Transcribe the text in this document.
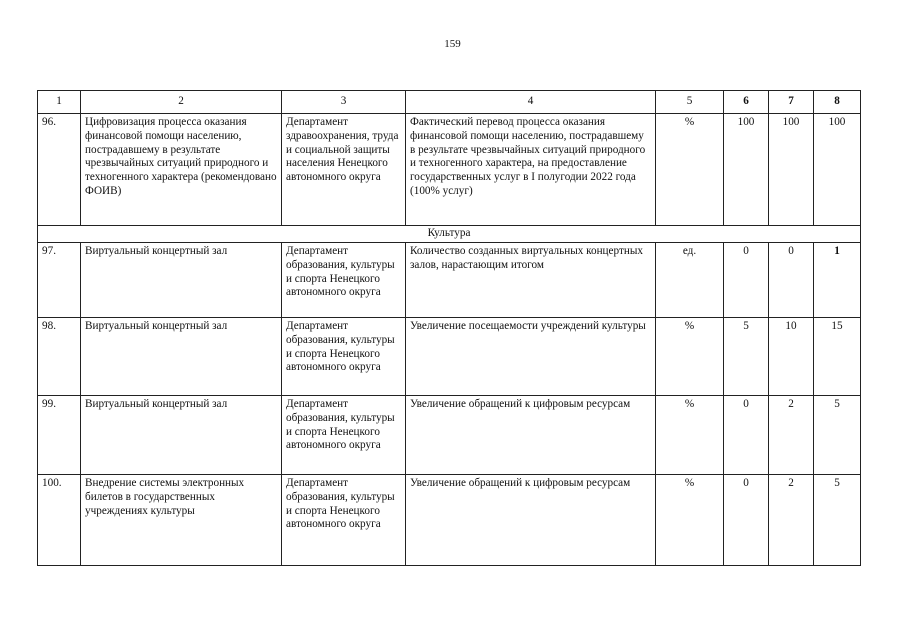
159
1	2	3	4	5	6	7	8
96.	Цифровизация процесса оказания финансовой помощи населению, пострадавшему в результате чрезвычайных ситуаций природного и техногенного характера (рекомендовано ФОИВ)	Департамент здравоохранения, труда и социальной защиты населения Ненецкого автономного округа	Фактический перевод процесса оказания финансовой помощи населению, пострадавшему в результате чрезвычайных ситуаций природного и техногенного характера, на предоставление государственных услуг в I полугодии 2022 года (100% услуг)	%	100	100	100
Культура							
97.	Виртуальный концертный зал	Департамент образования, культуры и спорта Ненецкого автономного округа	Количество созданных виртуальных концертных залов, нарастающим итогом	ед.	0	0	1
98.	Виртуальный концертный зал	Департамент образования, культуры и спорта Ненецкого автономного округа	Увеличение посещаемости учреждений культуры	%	5	10	15
99.	Виртуальный концертный зал	Департамент образования, культуры и спорта Ненецкого автономного округа	Увеличение обращений к цифровым ресурсам	%	0	2	5
100.	Внедрение системы электронных билетов в государственных учреждениях культуры	Департамент образования, культуры и спорта Ненецкого автономного округа	Увеличение обращений к цифровым ресурсам	%	0	2	5
